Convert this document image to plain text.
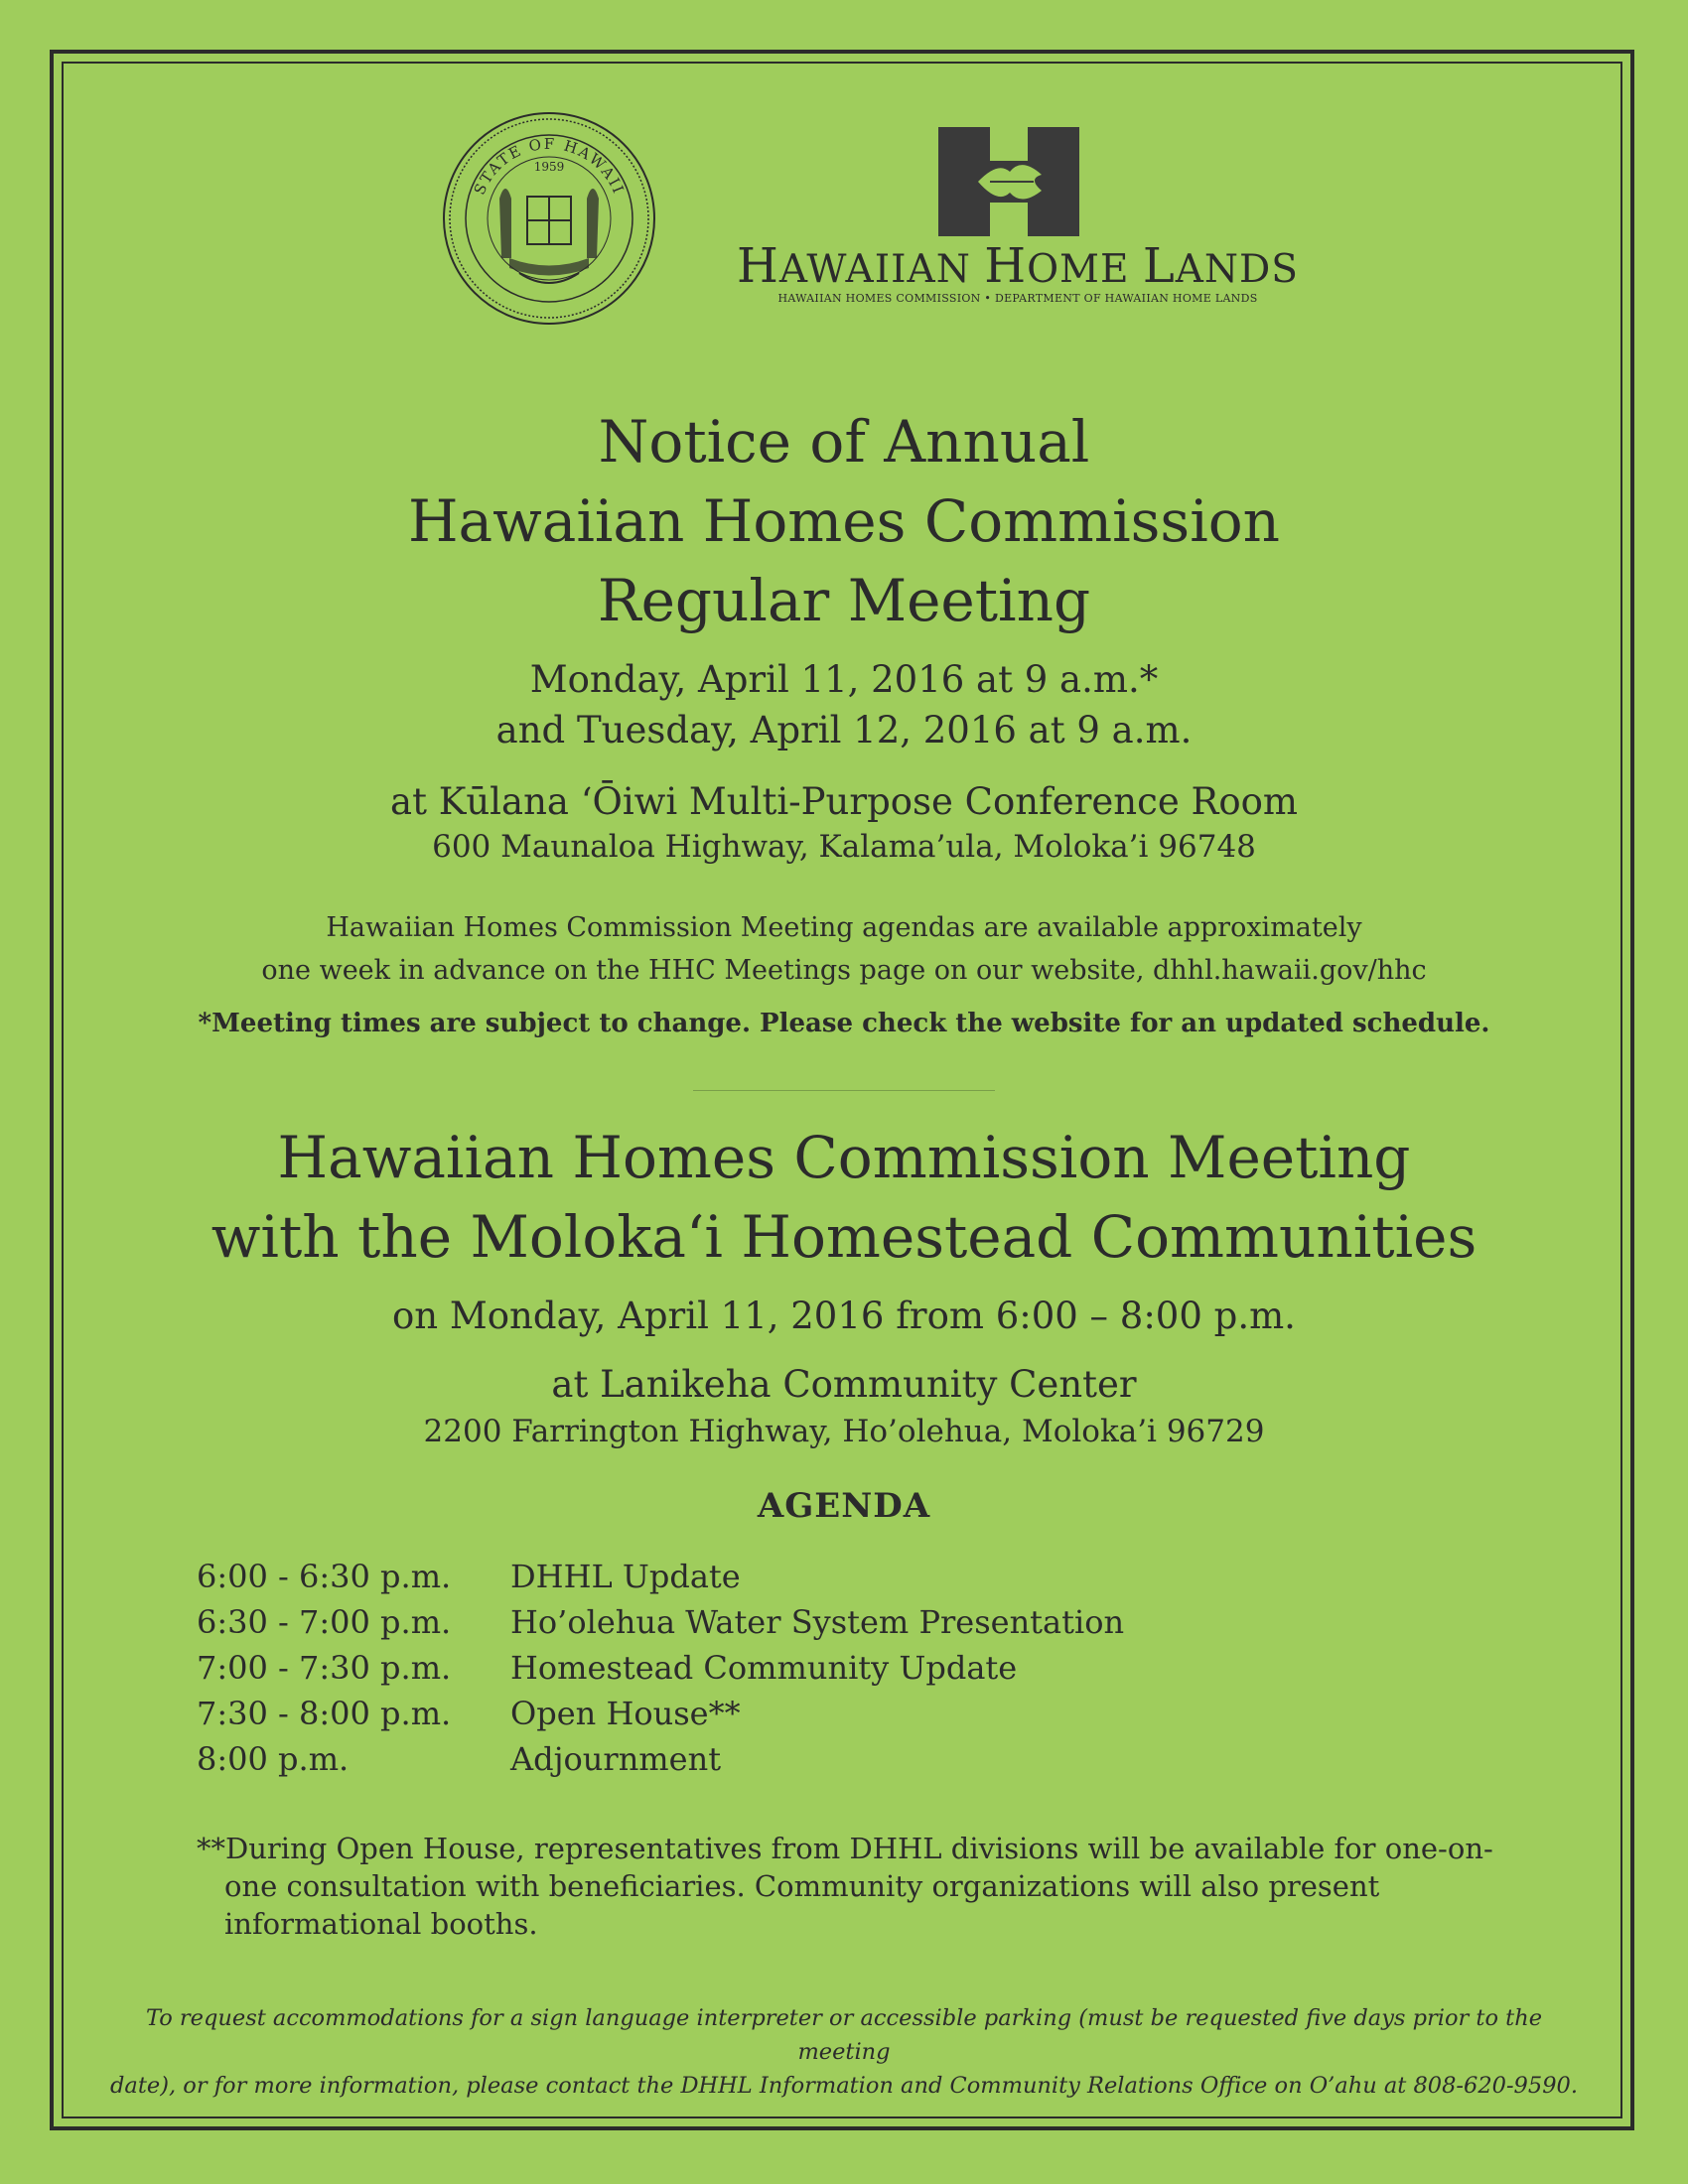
STATE OF HAWAII
1959
HAWAIIAN HOME LANDS
HAWAIIAN HOMES COMMISSION • DEPARTMENT OF HAWAIIAN HOME LANDS
Notice of Annual
Hawaiian Homes Commission
Regular Meeting
Monday, April 11, 2016 at 9 a.m.*
and Tuesday, April 12, 2016 at 9 a.m.
at Kūlana ʻŌiwi Multi-Purpose Conference Room
600 Maunaloa Highway, Kalama’ula, Moloka’i 96748
Hawaiian Homes Commission Meeting agendas are available approximately
one week in advance on the HHC Meetings page on our website, dhhl.hawaii.gov/hhc
*Meeting times are subject to change. Please check the website for an updated schedule.
Hawaiian Homes Commission Meeting
with the Molokaʻi Homestead Communities
on Monday, April 11, 2016 from 6:00 – 8:00 p.m.
at Lanikeha Community Center
2200 Farrington Highway, Ho’olehua, Moloka’i 96729
AGENDA
6:00 - 6:30 p.m. DHHL Update
6:30 - 7:00 p.m. Ho’olehua Water System Presentation
7:00 - 7:30 p.m. Homestead Community Update
7:30 - 8:00 p.m. Open House**
8:00 p.m.	Adjournment
**During Open House, representatives from DHHL divisions will be available for one-on-one consultation with beneficiaries. Community organizations will also present informational booths.
To request accommodations for a sign language interpreter or accessible parking (must be requested five days prior to the meeting
date), or for more information, please contact the DHHL Information and Community Relations Office on O’ahu at 808-620-9590.
